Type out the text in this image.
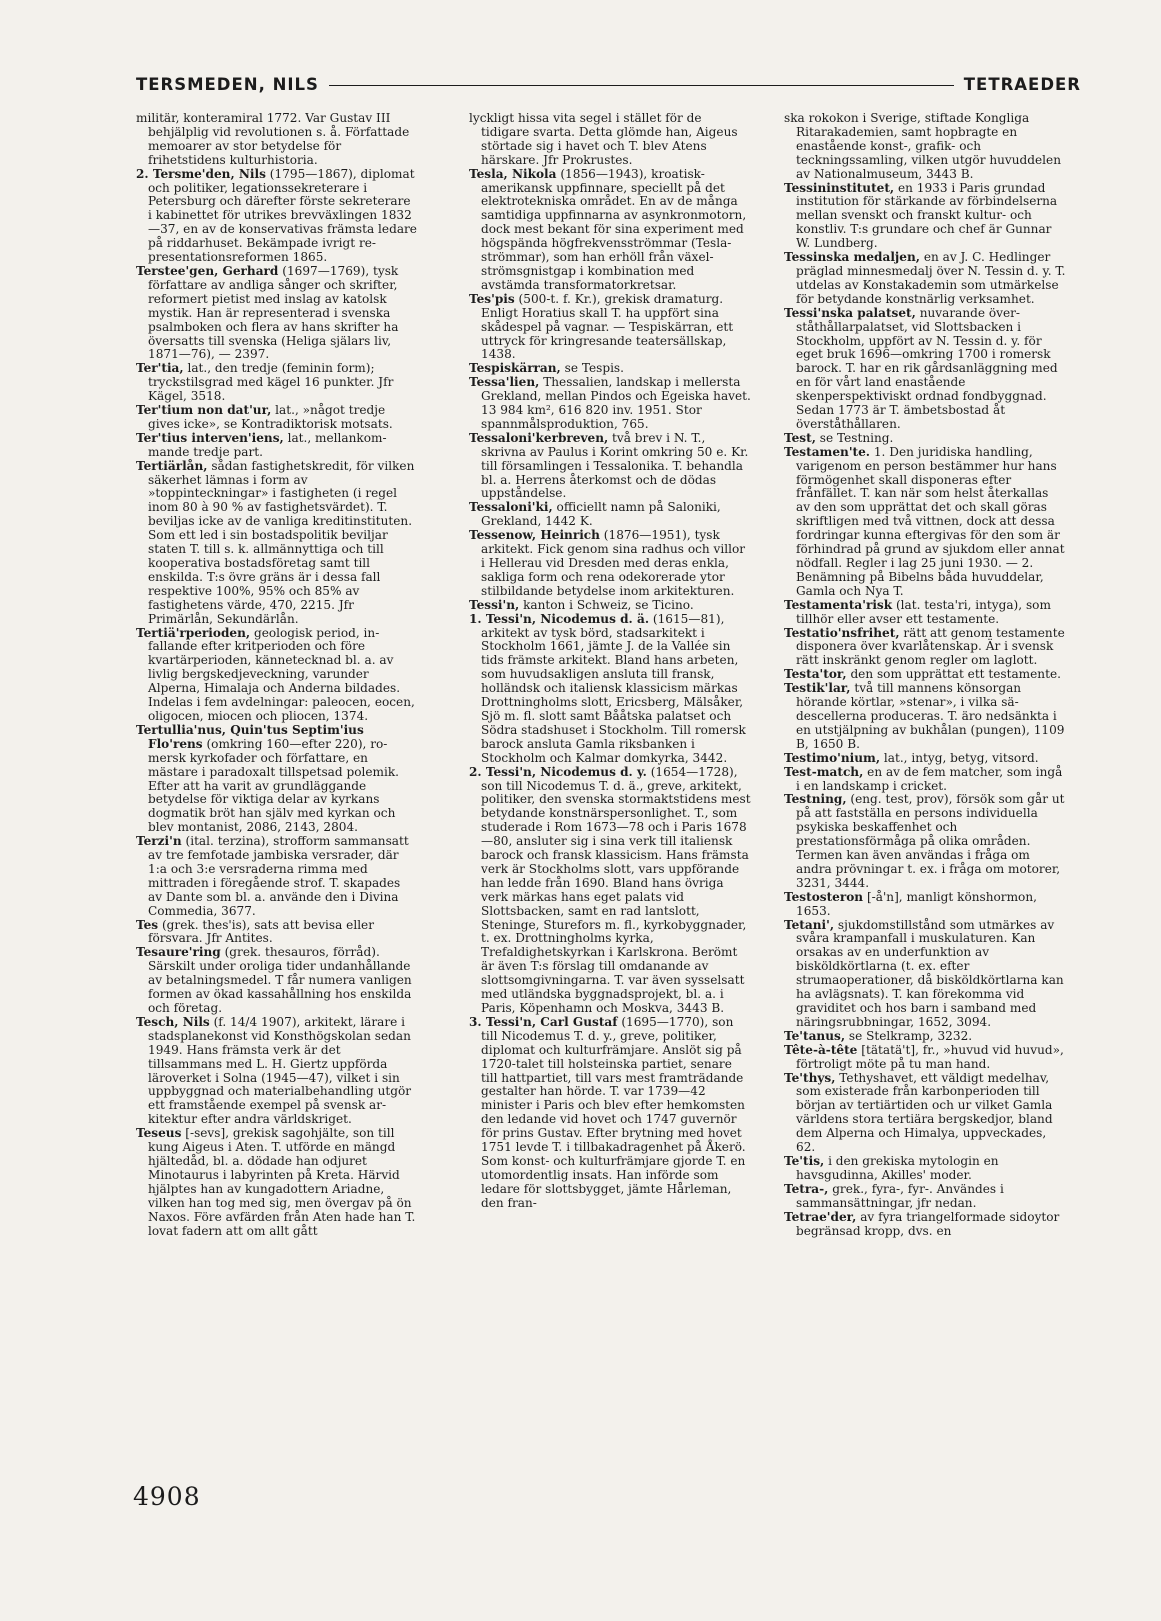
TERSMEDEN, NILS	TETRAEDER

militär, konteramiral 1772. Var Gustav III behjälplig vid revolutionen s. å. Författade memoarer av stor betydelse för frihetstidens kulturhistoria.

2. Tersme'den, Nils (1795—1867), diplomat och politiker, legationssekreterare i Petersburg och därefter förste sekreterare i kabinettet för utrikes brevväxlingen 1832—37, en av de konservativas främsta ledare på riddarhuset. Bekämpade ivrigt representationsreformen 1865.

Terstee'gen, Gerhard (1697—1769), tysk författare av andliga sånger och skrifter, reformert pietist med inslag av katolsk mystik. Han är representerad i svenska psalmboken och flera av hans skrifter ha översatts till svenska (Heliga själars liv, 1871—76), — 2397.

Ter'tia, lat., den tredje (feminin form); tryckstilsgrad med kägel 16 punkter. Jfr Kägel, 3518.

Ter'tium non dat'ur, lat., »något tredje gives icke», se Kontradiktorisk motsats.

Ter'tius interven'iens, lat., mellankommande tredje part.

Tertiärlån, sådan fastighetskredit, för vilken säkerhet lämnas i form av »toppinteckningar» i fastigheten (i regel inom 80 à 90 % av fastighetsvärdet). T. beviljas icke av de vanliga kreditinstituten. Som ett led i sin bostadspolitik beviljar staten T. till s. k. allmännyttiga och till kooperativa bostadsföretag samt till enskilda. T:s övre gräns är i dessa fall respektive 100%, 95% och 85% av fastighetens värde, 470, 2215. Jfr Primärlån, Sekundärlån.

Tertiä'rperioden, geologisk period, infallande efter kritperioden och före kvartärperioden, kännetecknad bl. a. av livlig bergskedjeveckning, varunder Alperna, Himalaja och Anderna bildades. Indelas i fem avdelningar: paleocen, eocen, oligocen, miocen och pliocen, 1374.

Tertullia'nus, Quin'tus Septim'ius Flo'rens (omkring 160—efter 220), romersk kyrkofader och författare, en mästare i paradoxalt tillspetsad polemik. Efter att ha varit av grundläggande betydelse för viktiga delar av kyrkans dogmatik bröt han själv med kyrkan och blev montanist, 2086, 2143, 2804.

Terzi'n (ital. terzina), strofform sammansatt av tre femfotade jambiska versrader, där 1:a och 3:e versraderna rimma med mittraden i föregående strof. T. skapades av Dante som bl. a. använde den i Divina Commedia, 3677.

Tes (grek. thes'is), sats att bevisa eller försvara. Jfr Antites.

Tesaure'ring (grek. thesauros, förråd). Särskilt under oroliga tider undanhållande av betalningsmedel. T får numera vanligen formen av ökad kassahållning hos enskilda och företag.

Tesch, Nils (f. 14/4 1907), arkitekt, lärare i stadsplanekonst vid Konsthögskolan sedan 1949. Hans främsta verk är det tillsammans med L. H. Giertz uppförda läroverket i Solna (1945—47), vilket i sin uppbyggnad och materialbehandling utgör ett framstående exempel på svensk arkitektur efter andra världskriget.

Teseus [-sevs], grekisk sagohjälte, son till kung Aigeus i Aten. T. utförde en mängd hjältedåd, bl. a. dödade han odjuret Minotaurus i labyrinten på Kreta. Härvid hjälptes han av kungadottern Ariadne, vilken han tog med sig, men övergav på ön Naxos. Före avfärden från Aten hade han T. lovat fadern att om allt gått

lyckligt hissa vita segel i stället för de tidigare svarta. Detta glömde han, Aigeus störtade sig i havet och T. blev Atens härskare. Jfr Prokrustes.

Tesla, Nikola (1856—1943), kroatisk-amerikansk uppfinnare, speciellt på det elektrotekniska området. En av de många samtidiga uppfinnarna av asynkronmotorn, dock mest bekant för sina experiment med högspända högfrekvensströmmar (Tesla-strömmar), som han erhöll från växelströmsgnistgap i kombination med avstämda transformatorkretsar.

Tes'pis (500-t. f. Kr.), grekisk dramaturg. Enligt Horatius skall T. ha uppfört sina skådespel på vagnar. — Tespiskärran, ett uttryck för kringresande teatersällskap, 1438.

Tespiskärran, se Tespis.

Tessa'lien, Thessalien, landskap i mellersta Grekland, mellan Pindos och Egeiska havet. 13 984 km², 616 820 inv. 1951. Stor spannmålsproduktion, 765.

Tessaloni'kerbreven, två brev i N. T., skrivna av Paulus i Korint omkring 50 e. Kr. till församlingen i Tessalonika. T. behandla bl. a. Herrens återkomst och de dödas uppståndelse.

Tessaloni'ki, officiellt namn på Saloniki, Grekland, 1442 K.

Tessenow, Heinrich (1876—1951), tysk arkitekt. Fick genom sina radhus och villor i Hellerau vid Dresden med deras enkla, sakliga form och rena odekorerade ytor stilbildande betydelse inom arkitekturen.

Tessi'n, kanton i Schweiz, se Ticino.

1. Tessi'n, Nicodemus d. ä. (1615—81), arkitekt av tysk börd, stadsarkitekt i Stockholm 1661, jämte J. de la Vallée sin tids främste arkitekt. Bland hans arbeten, som huvudsakligen ansluta till fransk, holländsk och italiensk klassicism märkas Drottningholms slott, Ericsberg, Mälsåker, Sjö m. fl. slott samt Bååtska palatset och Södra stadshuset i Stockholm. Till romersk barock ansluta Gamla riksbanken i Stockholm och Kalmar domkyrka, 3442.

2. Tessi'n, Nicodemus d. y. (1654—1728), son till Nicodemus T. d. ä., greve, arkitekt, politiker, den svenska stormaktstidens mest betydande konstnärspersonlighet. T., som studerade i Rom 1673—78 och i Paris 1678—80, ansluter sig i sina verk till italiensk barock och fransk klassicism. Hans främsta verk är Stockholms slott, vars uppförande han ledde från 1690. Bland hans övriga verk märkas hans eget palats vid Slottsbacken, samt en rad lantslott, Steninge, Sturefors m. fl., kyrkobyggnader, t. ex. Drottningholms kyrka, Trefaldighetskyrkan i Karlskrona. Berömt är även T:s förslag till omdanande av slottsomgivningarna. T. var även sysselsatt med utländska byggnadsprojekt, bl. a. i Paris, Köpenhamn och Moskva, 3443 B.

3. Tessi'n, Carl Gustaf (1695—1770), son till Nicodemus T. d. y., greve, politiker, diplomat och kulturfrämjare. Anslöt sig på 1720-talet till holsteinska partiet, senare till hattpartiet, till vars mest framträdande gestalter han hörde. T. var 1739—42 minister i Paris och blev efter hemkomsten den ledande vid hovet och 1747 guvernör för prins Gustav. Efter brytning med hovet 1751 levde T. i tillbakadragenhet på Åkerö. Som konst- och kulturfrämjare gjorde T. en utomordentlig insats. Han införde som ledare för slottsbygget, jämte Hårleman, den fran-

ska rokokon i Sverige, stiftade Kongliga Ritarakademien, samt hopbragte en enastående konst-, grafik- och teckningssamling, vilken utgör huvuddelen av Nationalmuseum, 3443 B.

Tessininstitutet, en 1933 i Paris grundad institution för stärkande av förbindelserna mellan svenskt och franskt kultur- och konstliv. T:s grundare och chef är Gunnar W. Lundberg.

Tessinska medaljen, en av J. C. Hedlinger präglad minnesmedalj över N. Tessin d. y. T. utdelas av Konstakademin som utmärkelse för betydande konstnärlig verksamhet.

Tessi'nska palatset, nuvarande överståthållarpalatset, vid Slottsbacken i Stockholm, uppfört av N. Tessin d. y. för eget bruk 1696—omkring 1700 i romersk barock. T. har en rik gårdsanläggning med en för vårt land enastående skenperspektiviskt ordnad fondbyggnad. Sedan 1773 är T. ämbetsbostad åt överståthållaren.

Test, se Testning.

Testamen'te. 1. Den juridiska handling, varigenom en person bestämmer hur hans förmögenhet skall disponeras efter frånfället. T. kan när som helst återkallas av den som upprättat det och skall göras skriftligen med två vittnen, dock att dessa fordringar kunna eftergivas för den som är förhindrad på grund av sjukdom eller annat nödfall. Regler i lag 25 juni 1930. — 2. Benämning på Bibelns båda huvuddelar, Gamla och Nya T.

Testamenta'risk (lat. testa'ri, intyga), som tillhör eller avser ett testamente.

Testatio'nsfrihet, rätt att genom testamente disponera över kvarlåtenskap. Är i svensk rätt inskränkt genom regler om laglott.

Testa'tor, den som upprättat ett testamente.

Testik'lar, två till mannens könsorgan hörande körtlar, »stenar», i vilka sädescellerna produceras. T. äro nedsänkta i en utstjälpning av bukhålan (pungen), 1109 B, 1650 B.

Testimo'nium, lat., intyg, betyg, vitsord.

Test-match, en av de fem matcher, som ingå i en landskamp i cricket.

Testning, (eng. test, prov), försök som går ut på att fastställa en persons individuella psykiska beskaffenhet och prestationsförmåga på olika områden. Termen kan även användas i fråga om andra prövningar t. ex. i fråga om motorer, 3231, 3444.

Testosteron [-å'n], manligt könshormon, 1653.

Tetani', sjukdomstillstånd som utmärkes av svåra krampanfall i muskulaturen. Kan orsakas av en underfunktion av bisköldkörtlarna (t. ex. efter strumaoperationer, då bisköldkörtlarna kan ha avlägsnats). T. kan förekomma vid graviditet och hos barn i samband med näringsrubbningar, 1652, 3094.

Te'tanus, se Stelkramp, 3232.

Tête-à-tête [tätatä't], fr., »huvud vid huvud», förtroligt möte på tu man hand.

Te'thys, Tethyshavet, ett väldigt medelhav, som existerade från karbonperioden till början av tertiärtiden och ur vilket Gamla världens stora tertiära bergskedjor, bland dem Alperna och Himalya, uppveckades, 62.

Te'tis, i den grekiska mytologin en havsgudinna, Akilles' moder.

Tetra-, grek., fyra-, fyr-. Användes i sammansättningar, jfr nedan.

Tetrae'der, av fyra triangelformade sidoytor begränsad kropp, dvs. en

4908
